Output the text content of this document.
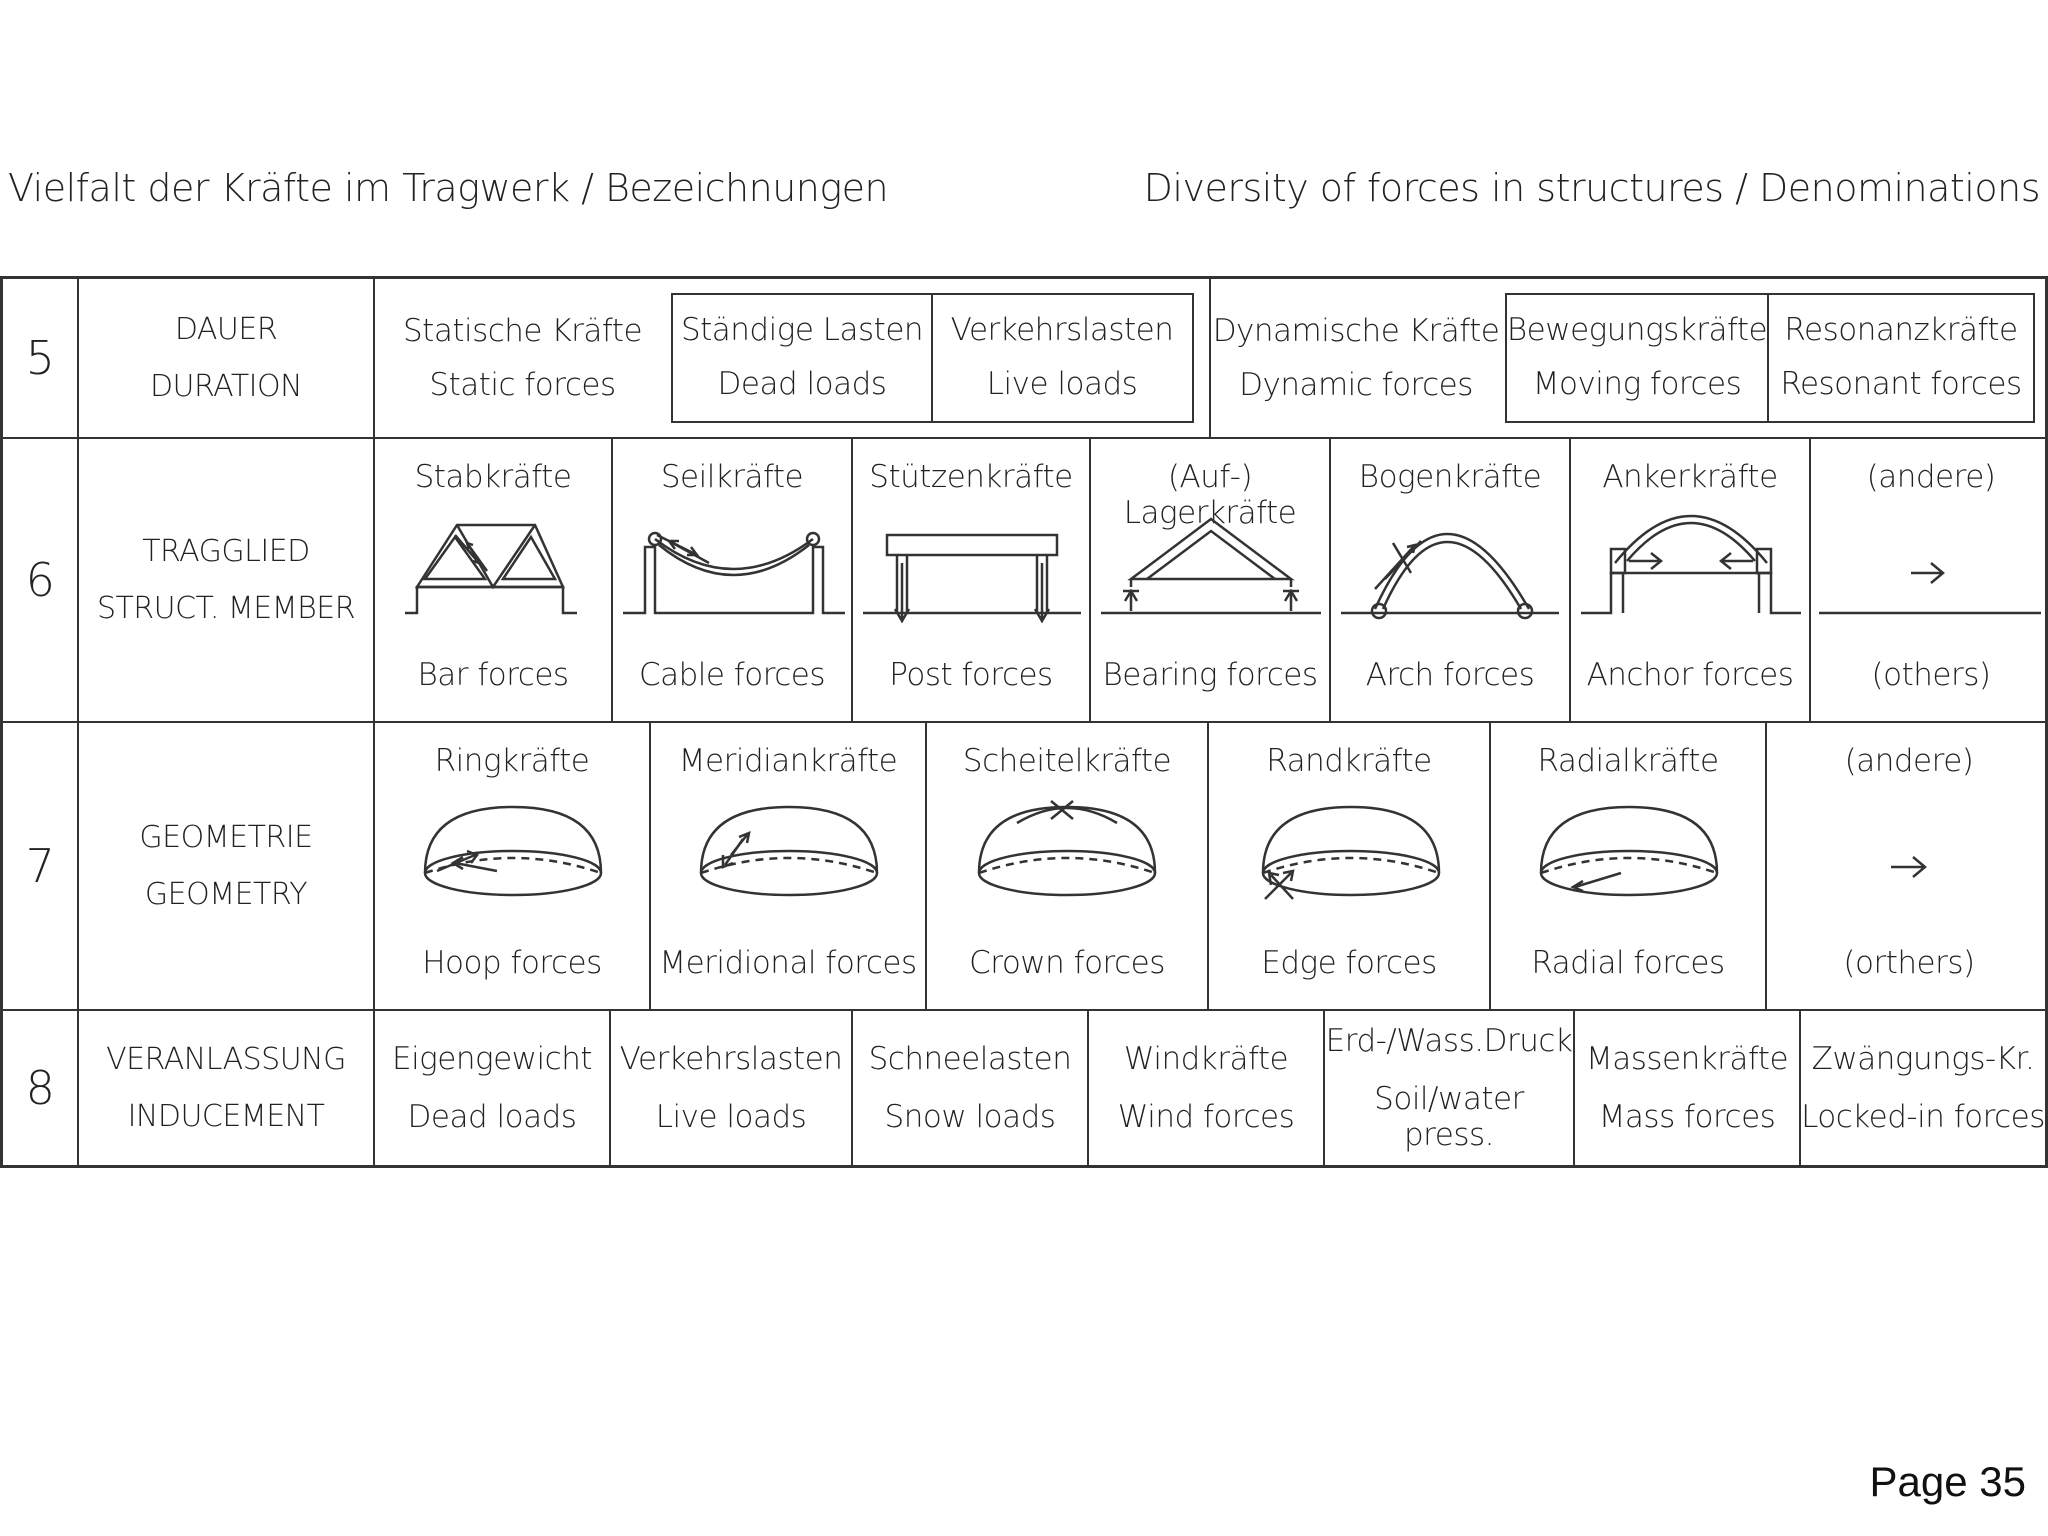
Vielfalt der Kräfte im Tragwerk / Bezeichnungen	Diversity of forces in structures / Denominations
5
DAUER
DURATION
Statische Kräfte
Static forces
Ständige Lasten
Dead loads
Verkehrslasten
Live loads
Dynamische Kräfte
Dynamic forces
Bewegungskräfte
Moving forces
Resonanzkräfte
Resonant forces
6
TRAGGLIED
STRUCT. MEMBER
Stabkräfte
Bar forces
Seilkräfte
Cable forces
Stützenkräfte
Post forces
(Auf-) Lagerkräfte
Bearing forces
Bogenkräfte
Arch forces
Ankerkräfte
Anchor forces
(andere)
(others)
7
GEOMETRIE
GEOMETRY
Ringkräfte
Hoop forces
Meridiankräfte
Meridional forces
Scheitelkräfte
Crown forces
Randkräfte
Edge forces
Radialkräfte
Radial forces
(andere)
(orthers)
8
VERANLASSUNG
INDUCEMENT
Eigengewicht
Dead loads
Verkehrslasten
Live loads
Schneelasten
Snow loads
Windkräfte
Wind forces
Erd-/Wass.Druck
Soil/water press.
Massenkräfte
Mass forces
Zwängungs-Kr.
Locked-in forces
Page 35
